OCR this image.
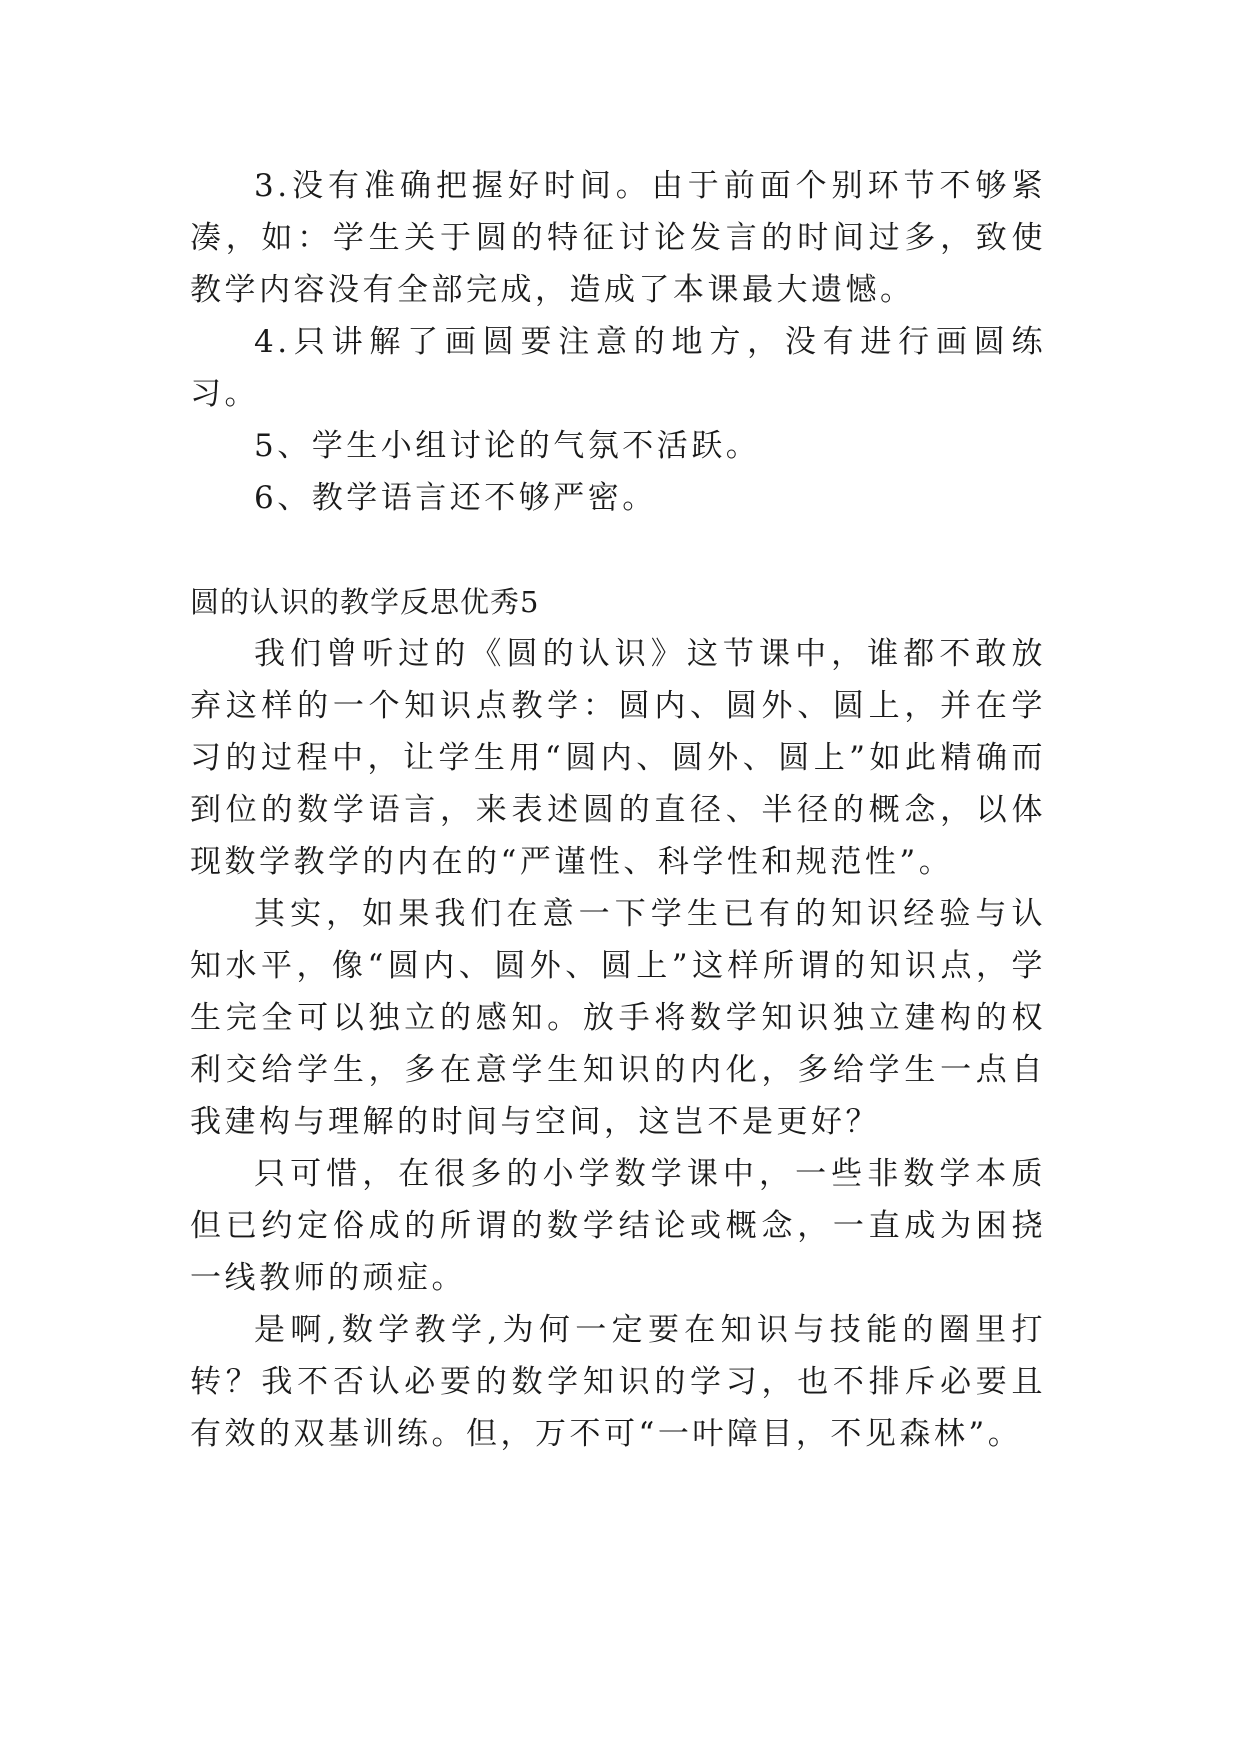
3.没有准确把握好时间。由于前面个别环节不够紧凑，如：学生关于圆的特征讨论发言的时间过多，致使教学内容没有全部完成，造成了本课最大遗憾。

4.只讲解了画圆要注意的地方，没有进行画圆练习。

5、学生小组讨论的气氛不活跃。

6、教学语言还不够严密。

圆的认识的教学反思优秀5

我们曾听过的《圆的认识》这节课中，谁都不敢放弃这样的一个知识点教学：圆内、圆外、圆上，并在学习的过程中，让学生用“圆内、圆外、圆上”如此精确而到位的数学语言，来表述圆的直径、半径的概念，以体现数学教学的内在的“严谨性、科学性和规范性”。

其实，如果我们在意一下学生已有的知识经验与认知水平，像“圆内、圆外、圆上”这样所谓的知识点，学生完全可以独立的感知。放手将数学知识独立建构的权利交给学生，多在意学生知识的内化，多给学生一点自我建构与理解的时间与空间，这岂不是更好？

只可惜，在很多的小学数学课中，一些非数学本质但已约定俗成的所谓的数学结论或概念，一直成为困挠一线教师的顽症。

是啊,数学教学,为何一定要在知识与技能的圈里打转？我不否认必要的数学知识的学习，也不排斥必要且有效的双基训练。但，万不可“一叶障目，不见森林”。
